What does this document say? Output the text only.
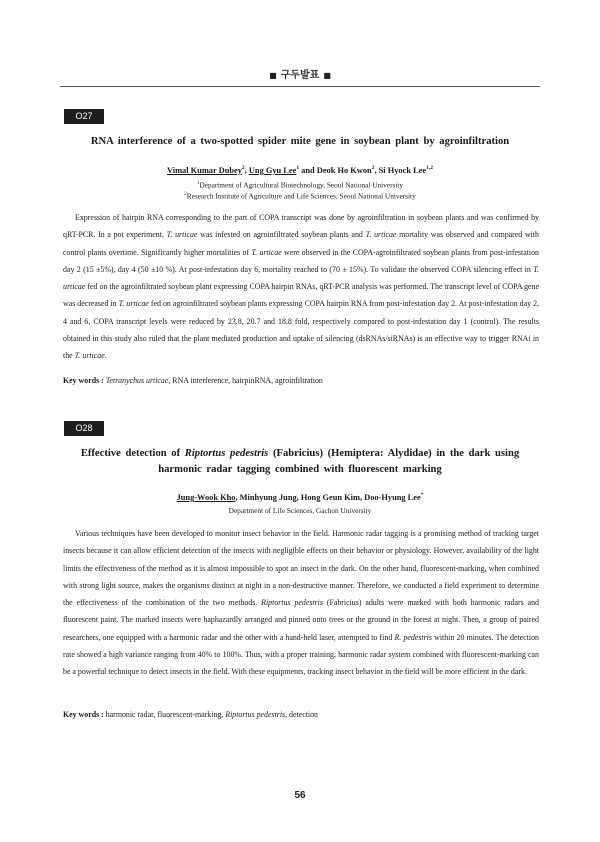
■ 구두발표 ■
O27
RNA interference of a two-spotted spider mite gene in soybean plant by agroinfiltration
Vimal Kumar Dubey$^2$, Ung Gyu Lee$^1$ and Deok Ho Kwon$^2$, Si Hyock Lee$^{1,2}$
$^1$Department of Agricultural Biotechnology, Seoul National University
$^2$Research Institute of Agriculture and Life Sciences, Seoul National University

Expression of hairpin RNA corresponding to the part of COPA transcript was done by agroinfiltration in soybean plants and was confirmed by qRT-PCR. In a pot experiment, T. urticae was infested on agroinfiltrated soybean plants and T. urticae mortality was observed and compared with control plants overtime. Significantly higher mortalities of T. urticae were observed in the COPA-agroinfiltrated soybean plants from post-infestation day 2 (15 ±5%), day 4 (50 ±10 %). At post-infestation day 6, mortality reached to (70 ± 15%). To validate the observed COPA silencing effect in T. urticae fed on the agroinfiltrated soybean plant expressing COPA hairpin RNAs, qRT-PCR analysis was performed. The transcript level of COPA gene was decreased in T. urticae fed on agroinfiltrated soybean plants expressing COPA hairpin RNA from post-infestation day 2. At post-infestation day 2, 4 and 6, COPA transcript levels were reduced by 23.8, 20.7 and 18.8 fold, respectively compared to post-infestation day 1 (control). The results obtained in this study also ruled that the plant mediated production and uptake of silencing (dsRNAs/siRNAs) is an effective way to trigger RNAi in the T. urticae.

Key words : Tetranychus urticae, RNA interference, hairpinRNA, agroinfiltration
O28
Effective detection of Riptortus pedestris (Fabricius) (Hemiptera: Alydidae) in the dark using
harmonic radar tagging combined with fluorescent marking
Jung-Wook Kho, Minhyung Jung, Hong Geun Kim, Doo-Hyung Lee*
Department of Life Sciences, Gachon University

Various techniques have been developed to monitor insect behavior in the field. Harmonic radar tagging is a promising method of tracking target insects because it can allow efficient detection of the insects with negligible effects on their behavior or physiology. However, availability of the light limits the effectiveness of the method as it is almost impossible to spot an insect in the dark. On the other hand, fluorescent-marking, when combined with strong light source, makes the organisms distinct at night in a non-destructive manner. Therefore, we conducted a field experiment to determine the effectiveness of the combination of the two methods. Riptortus pedestris (Fabricius) adults were marked with both harmonic radars and fluorescent paint. The marked insects were haphazardly arranged and pinned onto trees or the ground in the forest at night. Then, a group of paired researchers, one equipped with a harmonic radar and the other with a hand-held laser, attempted to find R. pedestris within 20 minutes. The detection rate showed a high variance ranging from 40% to 100%. Thus, with a proper training, harmonic radar system combined with fluorescent-marking can be a powerful technique to detect insects in the field. With these equipments, tracking insect behavior in the field will be more efficient in the dark.

Key words : harmonic radar, fluorescent-marking, Riptortus pedestris, detection
56
